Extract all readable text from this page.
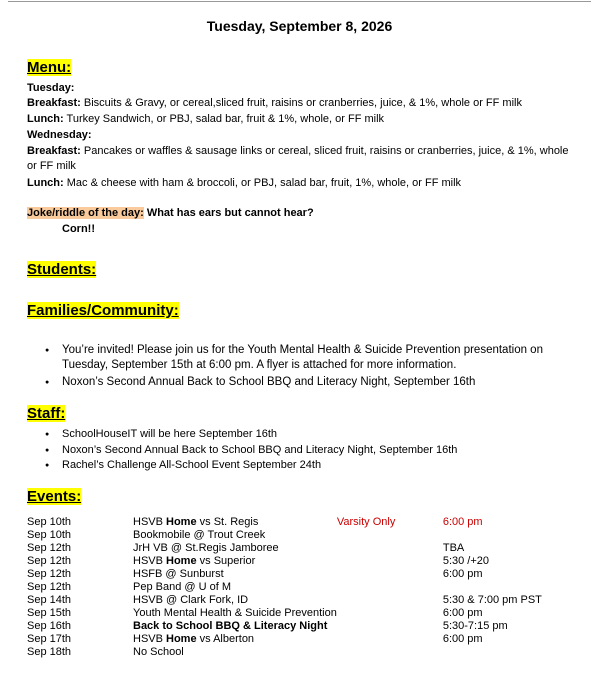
Tuesday, September 8, 2026
Menu:
Tuesday:
Breakfast: Biscuits & Gravy, or cereal,sliced fruit, raisins or cranberries, juice, & 1%, whole or FF milk
Lunch: Turkey Sandwich, or PBJ, salad bar, fruit & 1%, whole, or FF milk
Wednesday:
Breakfast: Pancakes or waffles & sausage links or cereal, sliced fruit, raisins or cranberries, juice, & 1%, whole or FF milk
Lunch: Mac & cheese with ham & broccoli, or PBJ, salad bar, fruit, 1%, whole, or FF milk
Joke/riddle of the day: What has ears but cannot hear?
Corn!!
Students:
Families/Community:
● You’re invited! Please join us for the Youth Mental Health & Suicide Prevention presentation on Tuesday, September 15th at 6:00 pm. A flyer is attached for more information.
● Noxon’s Second Annual Back to School BBQ and Literacy Night, September 16th
Staff:
● SchoolHouseIT will be here September 16th
● Noxon’s Second Annual Back to School BBQ and Literacy Night, September 16th
● Rachel’s Challenge All-School Event September 24th
Events:
Sep 10th	HSVB Home vs St. Regis	Varsity Only	6:00 pm
Sep 10th	Bookmobile @ Trout Creek		
Sep 12th	JrH VB @ St.Regis Jamboree		TBA
Sep 12th	HSVB Home vs Superior		5:30 /+20
Sep 12th	HSFB @ Sunburst		6:00 pm
Sep 12th	Pep Band @ U of M		
Sep 14th	HSVB @ Clark Fork, ID		5:30 & 7:00 pm PST
Sep 15th	Youth Mental Health & Suicide Prevention		6:00 pm
Sep 16th	Back to School BBQ & Literacy Night		5:30-7:15 pm
Sep 17th	HSVB Home vs Alberton		6:00 pm
Sep 18th	No School		
